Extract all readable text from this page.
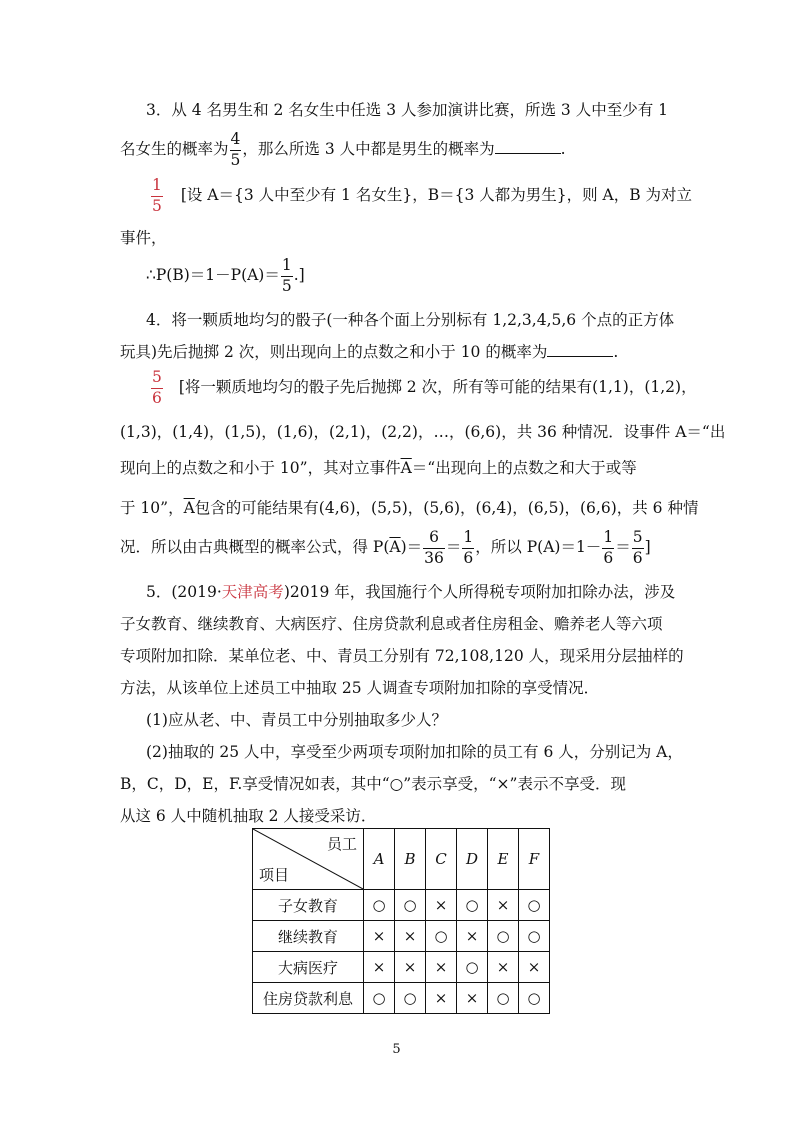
3．从 4 名男生和 2 名女生中任选 3 人参加演讲比赛，所选 3 人中至少有 1
名女生的概率为 $\frac{4}{5}$ ，那么所选 3 人中都是男生的概率为	.
$\frac{1}{5}$ [设 A＝{3 人中至少有 1 名女生}，B＝{3 人都为男生}，则 A，B 为对立
事件，
∴P(B)＝1－P(A)＝ $\frac{1}{5}$ .]
4．将一颗质地均匀的骰子(一种各个面上分别标有 1,2,3,4,5,6 个点的正方体
玩具)先后抛掷 2 次，则出现向上的点数之和小于 10 的概率为	.
$\frac{5}{6}$ [将一颗质地均匀的骰子先后抛掷 2 次，所有等可能的结果有(1,1)，(1,2)，
(1,3)，(1,4)，(1,5)，(1,6)，(2,1)，(2,2)，…，(6,6)，共 36 种情况．设事件 A＝“出
现向上的点数之和小于 10”，其对立事件$\overline{A}=“$出现向上的点数之和大于或等
于 10”，$\overline{A}$包含的可能结果有(4,6)，(5,5)，(5,6)，(6,4)，(6,5)，(6,6)，共 6 种情
况．所以由古典概型的概率公式，得 $P(\overline{A})= \frac{6}{36} = \frac{1}{6}$ ，所以 $P(A)=1- \frac{1}{6} = \frac{5}{6}$ ]
5．(2019·天津高考)2019 年，我国施行个人所得税专项附加扣除办法，涉及
子女教育、继续教育、大病医疗、住房贷款利息或者住房租金、赡养老人等六项
专项附加扣除．某单位老、中、青员工分别有 72,108,120 人，现采用分层抽样的
方法，从该单位上述员工中抽取 25 人调查专项附加扣除的享受情况．
(1)应从老、中、青员工中分别抽取多少人？
(2)抽取的 25 人中，享受至少两项专项附加扣除的员工有 6 人，分别记为 A，
B，C，D，E，F.享受情况如表，其中“○”表示享受，“×”表示不享受．现
从这 6 人中随机抽取 2 人接受采访．
员工
项目	A	B	C	D	E	F
子女教育	○	○	×	○	×	○
继续教育	×	×	○	×	○	○
大病医疗	×	×	×	○	×	×
住房贷款利息	○	○	×	×	○	○
5
